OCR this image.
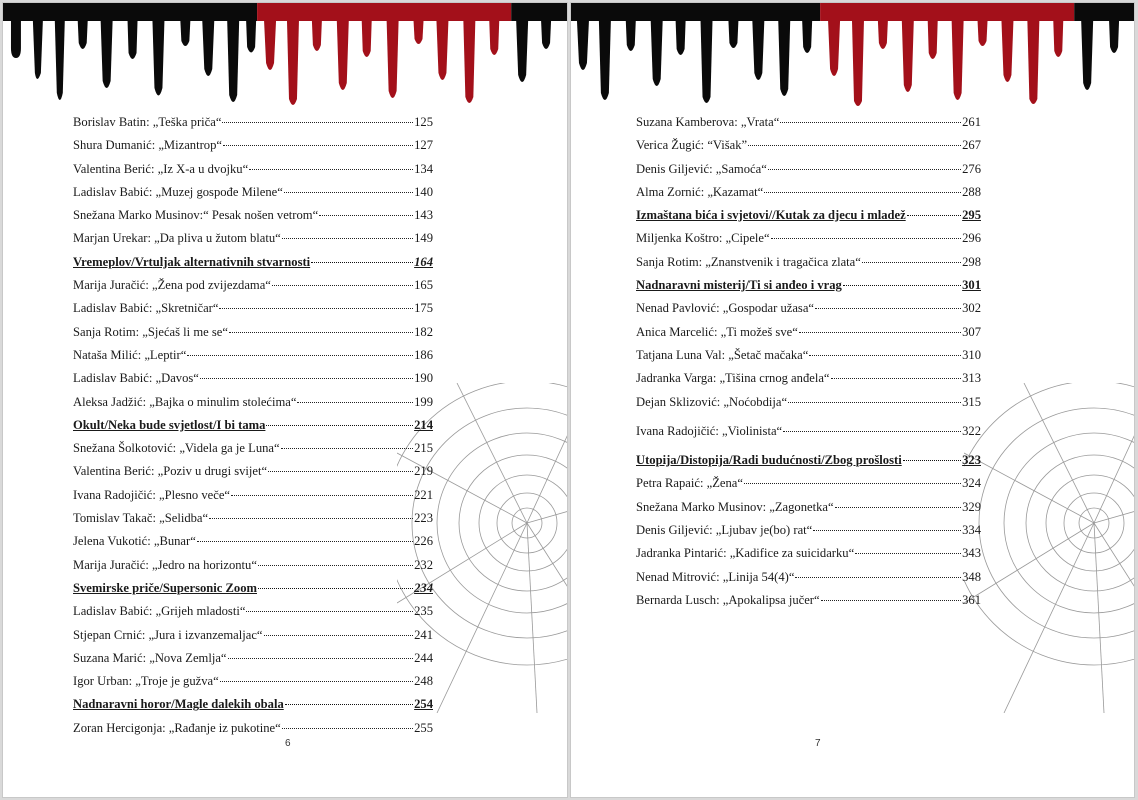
Borislav Batin: „Teška priča“	125
Shura Dumanić: „Mizantrop“	127
Valentina Berić: „Iz X-a u dvojku“	134
Ladislav Babić: „Muzej gospođe Milene“	140
Snežana Marko Musinov:“ Pesak nošen vetrom“	143
Marjan Urekar: „Da pliva u žutom blatu“	149
Vremeplov/Vrtuljak alternativnih stvarnosti	164
Marija Juračić: „Žena pod zvijezdama“	165
Ladislav Babić: „Skretničar“	175
Sanja Rotim: „Sjećaš li me se“	182
Nataša Milić: „Leptir“	186
Ladislav Babić: „Davos“	190
Aleksa Jadžić: „Bajka o minulim stolećima“	199
Okult/Neka bude svjetlost/I bi tama	214
Snežana Šolkotović: „Videla ga je Luna“	215
Valentina Berić: „Poziv u drugi svijet“	219
Ivana Radojičić: „Plesno veče“	221
Tomislav Takač: „Selidba“	223
Jelena Vukotić: „Bunar“	226
Marija Juračić: „Jedro na horizontu“	232
Svemirske priče/Supersonic Zoom	234
Ladislav Babić: „Grijeh mladosti“	235
Stjepan Crnić: „Jura i izvanzemaljac“	241
Suzana Marić: „Nova Zemlja“	244
Igor Urban: „Troje je gužva“	248
Nadnaravni horor/Magle dalekih obala	254
Zoran Hercigonja: „Rađanje iz pukotine“	255
6
Suzana Kamberova: „Vrata“	261
Verica Žugić: “Višak”	267
Denis Giljević: „Samoća“	276
Alma Zornić: „Kazamat“	288
Izmaštana bića i svjetovi//Kutak za djecu i mladež	295
Miljenka Koštro: „Cipele“	296
Sanja Rotim: „Znanstvenik i tragačica zlata“	298
Nadnaravni misterij/Ti si anđeo i vrag	301
Nenad Pavlović: „Gospodar užasa“	302
Anica Marcelić: „Ti možeš sve“	307
Tatjana Luna Val: „Šetač mačaka“	310
Jadranka Varga: „Tišina crnog anđela“	313
Dejan Sklizović: „Noćobdija“	315
Ivana Radojičić: „Violinista“	322
Utopija/Distopija/Radi budućnosti/Zbog prošlosti	323
Petra Rapaić: „Žena“	324
Snežana Marko Musinov: „Zagonetka“	329
Denis Giljević: „Ljubav je(bo) rat“	334
Jadranka Pintarić: „Kadifice za suicidarku“	343
Nenad Mitrović: „Linija 54(4)“	348
Bernarda Lusch: „Apokalipsa jučer“	361
7
